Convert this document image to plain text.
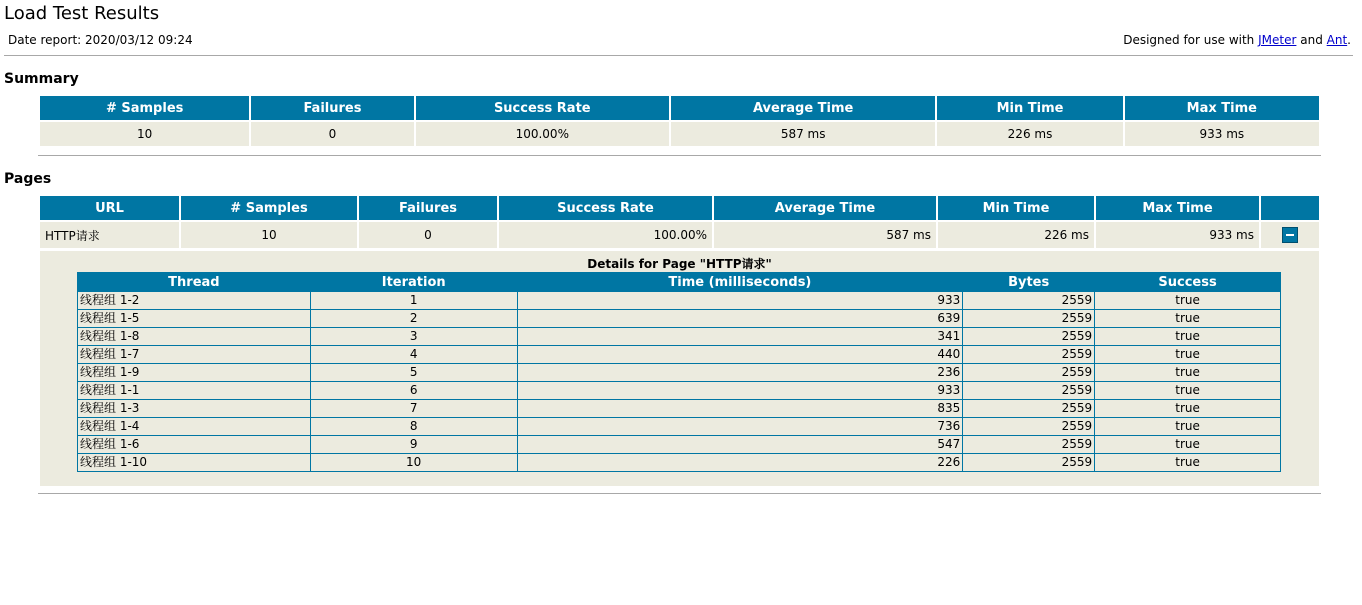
Load Test Results
Date report: 2020/03/12 09:24	Designed for use with JMeter and Ant.
Summary
# Samples	Failures	Success Rate	Average Time	Min Time	Max Time
10	0	100.00%	587 ms	226 ms	933 ms
Pages
URL	# Samples	Failures	Success Rate	Average Time	Min Time	Max Time	
HTTP请求	10	0	100.00%	587 ms	226 ms	933 ms	
Details for Page "HTTP请求"
Thread	Iteration	Time (milliseconds)	Bytes	Success
线程组 1-2	1	933	2559	true
线程组 1-5	2	639	2559	true
线程组 1-8	3	341	2559	true
线程组 1-7	4	440	2559	true
线程组 1-9	5	236	2559	true
线程组 1-1	6	933	2559	true
线程组 1-3	7	835	2559	true
线程组 1-4	8	736	2559	true
线程组 1-6	9	547	2559	true
线程组 1-10	10	226	2559	true
